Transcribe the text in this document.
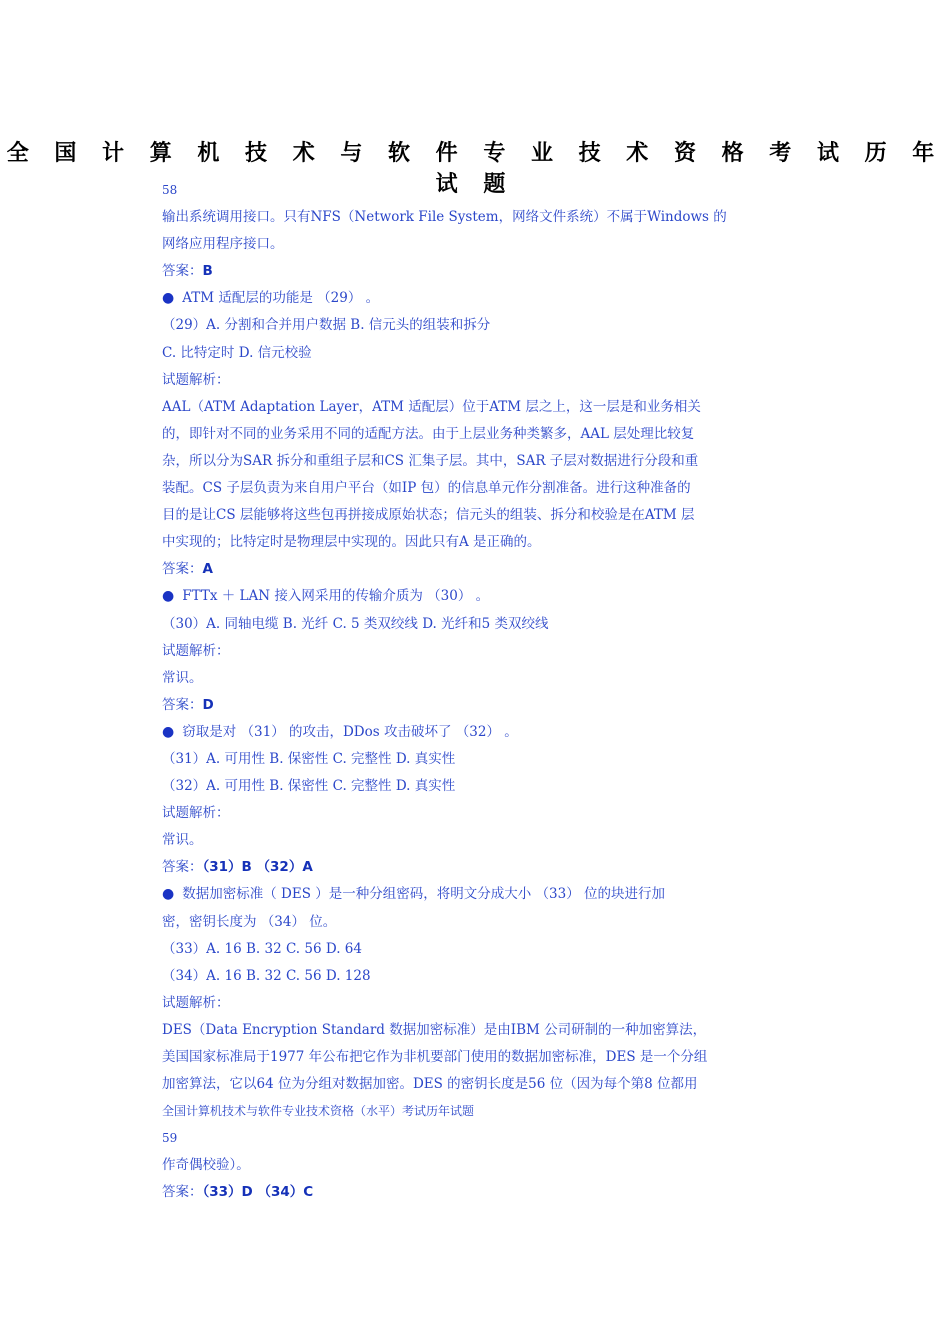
全 国 计 算 机 技 术 与 软 件 专 业 技 术 资 格 考 试 历 年 试 题
58
输出系统调用接口。只有NFS（Network File System，网络文件系统）不属于Windows 的
网络应用程序接口。
答案：B
● ATM 适配层的功能是 （29） 。
（29）A. 分割和合并用户数据 B. 信元头的组装和拆分
C. 比特定时 D. 信元校验
试题解析：
AAL（ATM Adaptation Layer，ATM 适配层）位于ATM 层之上，这一层是和业务相关
的，即针对不同的业务采用不同的适配方法。由于上层业务种类繁多，AAL 层处理比较复
杂，所以分为SAR 拆分和重组子层和CS 汇集子层。其中，SAR 子层对数据进行分段和重
装配。CS 子层负责为来自用户平台（如IP 包）的信息单元作分割准备。进行这种准备的
目的是让CS 层能够将这些包再拼接成原始状态；信元头的组装、拆分和校验是在ATM 层
中实现的；比特定时是物理层中实现的。因此只有A 是正确的。
答案：A
● FTTx ＋ LAN 接入网采用的传输介质为 （30） 。
（30）A. 同轴电缆 B. 光纤 C. 5 类双绞线 D. 光纤和5 类双绞线
试题解析：
常识。
答案：D
● 窃取是对 （31） 的攻击，DDos 攻击破坏了 （32） 。
（31）A. 可用性 B. 保密性 C. 完整性 D. 真实性
（32）A. 可用性 B. 保密性 C. 完整性 D. 真实性
试题解析：
常识。
答案：（31）B （32）A
● 数据加密标准（ DES ）是一种分组密码，将明文分成大小 （33） 位的块进行加
密，密钥长度为 （34） 位。
（33）A. 16 B. 32 C. 56 D. 64
（34）A. 16 B. 32 C. 56 D. 128
试题解析：
DES（Data Encryption Standard 数据加密标准）是由IBM 公司研制的一种加密算法，
美国国家标准局于1977 年公布把它作为非机要部门使用的数据加密标准，DES 是一个分组
加密算法，它以64 位为分组对数据加密。DES 的密钥长度是56 位（因为每个第8 位都用
全国计算机技术与软件专业技术资格（水平）考试历年试题
59
作奇偶校验）。
答案：（33）D （34）C
